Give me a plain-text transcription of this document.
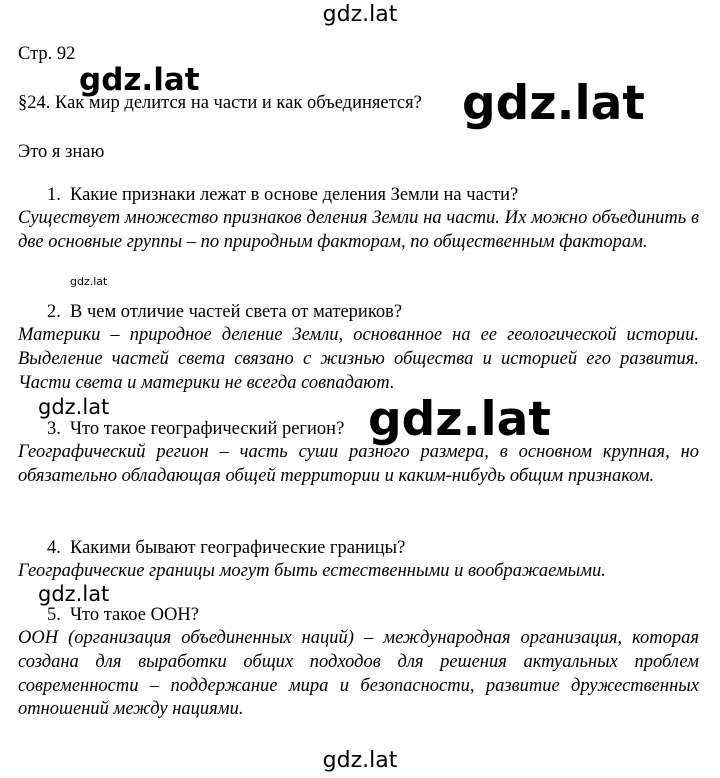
Стр. 92
§24. Как мир делится на части и как объединяется?
Это я знаю
1. Какие признаки лежат в основе деления Земли на части?
Существует множество признаков деления Земли на части. Их можно объединить в две основные группы – по природным факторам, по общественным факторам.
2. В чем отличие частей света от материков?
Материки – природное деление Земли, основанное на ее геологической истории. Выделение частей света связано с жизнью общества и историей его развития. Части света и материки не всегда совпадают.
3. Что такое географический регион?
Географический регион – часть суши разного размера, в основном крупная, но обязательно обладающая общей территории и каким-нибудь общим признаком.
4. Какими бывают географические границы?
Географические границы могут быть естественными и воображаемыми.
5. Что такое ООН?
ООН (организация объединенных наций) – международная организация, которая создана для выработки общих подходов для решения актуальных проблем современности – поддержание мира и безопасности, развитие дружественных отношений между нациями.
gdz.lat
gdz.lat	gdz.lat
gdz.lat
gdz.lat	gdz.lat
gdz.lat
gdz.lat
